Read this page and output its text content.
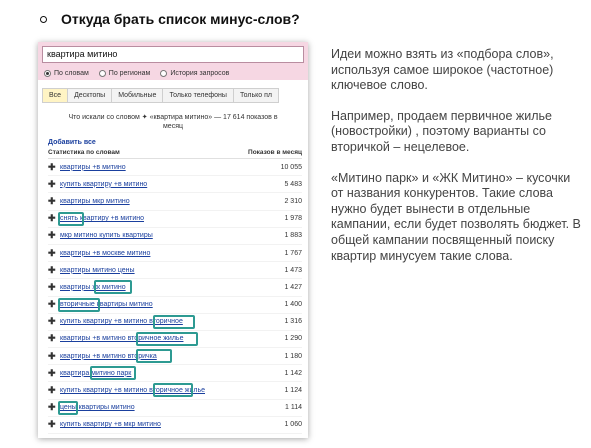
Откуда брать список минус-слов?
квартира митино
По словам	По регионам	История запросов
Все	Десктопы	Мобильные	Только телефоны	Только пл
Что искали со словом ✦ «квартира митино» — 17 614 показов в месяц
Добавить все
Статистика по словам	Показов в месяц
✚ квартиры +в митино	10 055
✚ купить квартиру +в митино	5 483
✚ квартиры мкр митино	2 310
✚ снять квартиру +в митино	1 978
✚ мкр митино купить квартиры	1 883
✚ квартиры +в москве митино	1 767
✚ квартиры митино цены	1 473
✚ квартиры жк митино	1 427
✚ вторичные квартиры митино	1 400
✚ купить квартиру +в митино вторичное	1 316
✚ квартиры +в митино вторичное жилье	1 290
✚ квартиры +в митино вторичка	1 180
✚ квартира митино парк	1 142
✚ купить квартиру +в митино вторичное жилье	1 124
✚ цены квартиры митино	1 114
✚ купить квартиру +в мкр митино	1 060

Идеи можно взять из «подбора слов», используя самое широкое (частотное) ключевое слово.

Например, продаем первичное жилье (новостройки) , поэтому варианты со вторичкой – нецелевое.

«Митино парк» и «ЖК Митино» – кусочки от названия конкурентов. Такие слова нужно будет вынести в отдельные кампании, если будет позволять бюджет. В общей кампании посвященный поиску квартир минусуем такие слова.
